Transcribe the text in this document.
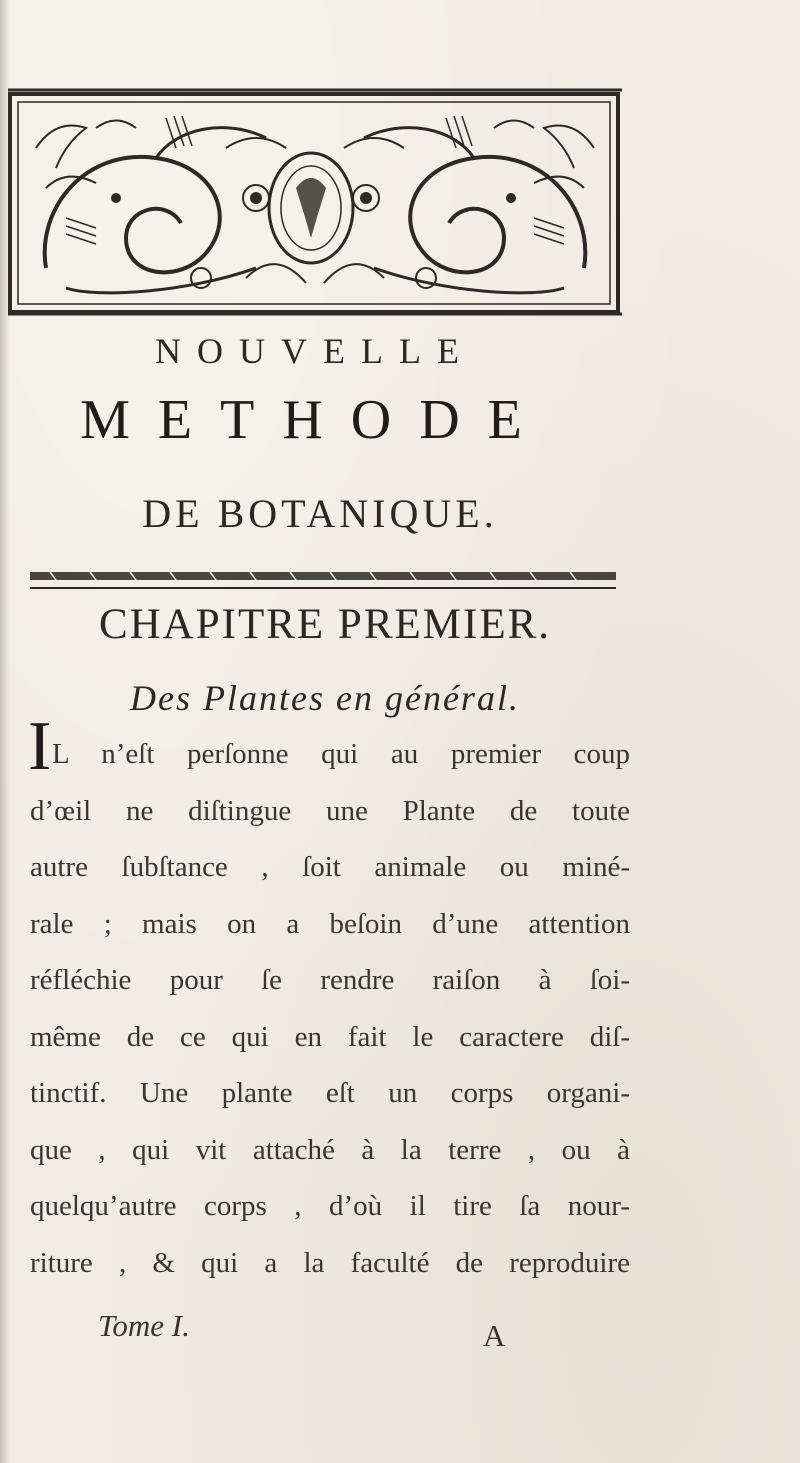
NOUVELLE
METHODE
DE BOTANIQUE.
CHAPITRE PREMIER.
Des Plantes en général.
I L n’eſt perſonne qui au premier coup
d’œil ne diſtingue une Plante de toute
autre ſubſtance , ſoit animale ou miné-
rale ; mais on a beſoin d’une attention
réfléchie pour ſe rendre raiſon à ſoi-
même de ce qui en fait le caractere diſ-
tinctif. Une plante eſt un corps organi-
que , qui vit attaché à la terre , ou à
quelqu’autre corps , d’où il tire ſa nour-
riture , & qui a la faculté de reproduire
Tome I.	A
